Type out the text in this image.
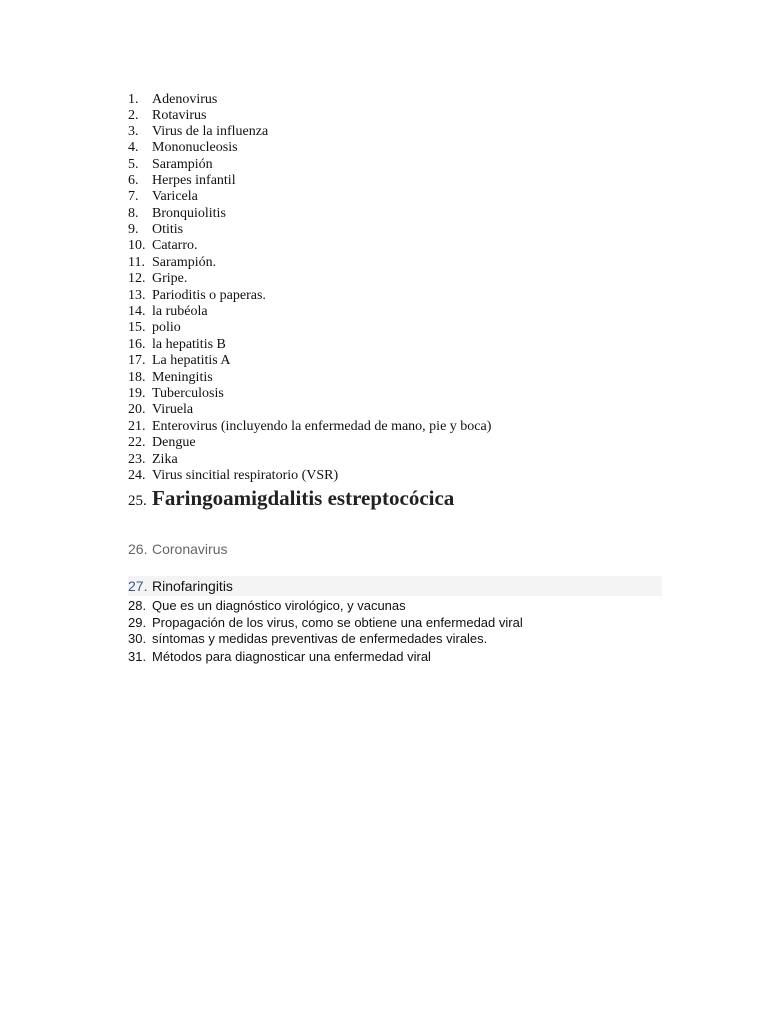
1. Adenovirus
2. Rotavirus
3. Virus de la influenza
4. Mononucleosis
5. Sarampión
6. Herpes infantil
7. Varicela
8. Bronquiolitis
9. Otitis
10. Catarro.
11. Sarampión.
12. Gripe.
13. Parioditis o paperas.
14. la rubéola
15. polio
16. la hepatitis B
17. La hepatitis A
18. Meningitis
19. Tuberculosis
20. Viruela
21. Enterovirus (incluyendo la enfermedad de mano, pie y boca)
22. Dengue
23. Zika
24. Virus sincitial respiratorio (VSR)
25. Faringoamigdalitis estreptocócica
26. Coronavirus
27. Rinofaringitis
28. Que es un diagnóstico virológico, y vacunas
29. Propagación de los virus, como se obtiene una enfermedad viral
30. síntomas y medidas preventivas de enfermedades virales.
31. Métodos para diagnosticar una enfermedad viral
